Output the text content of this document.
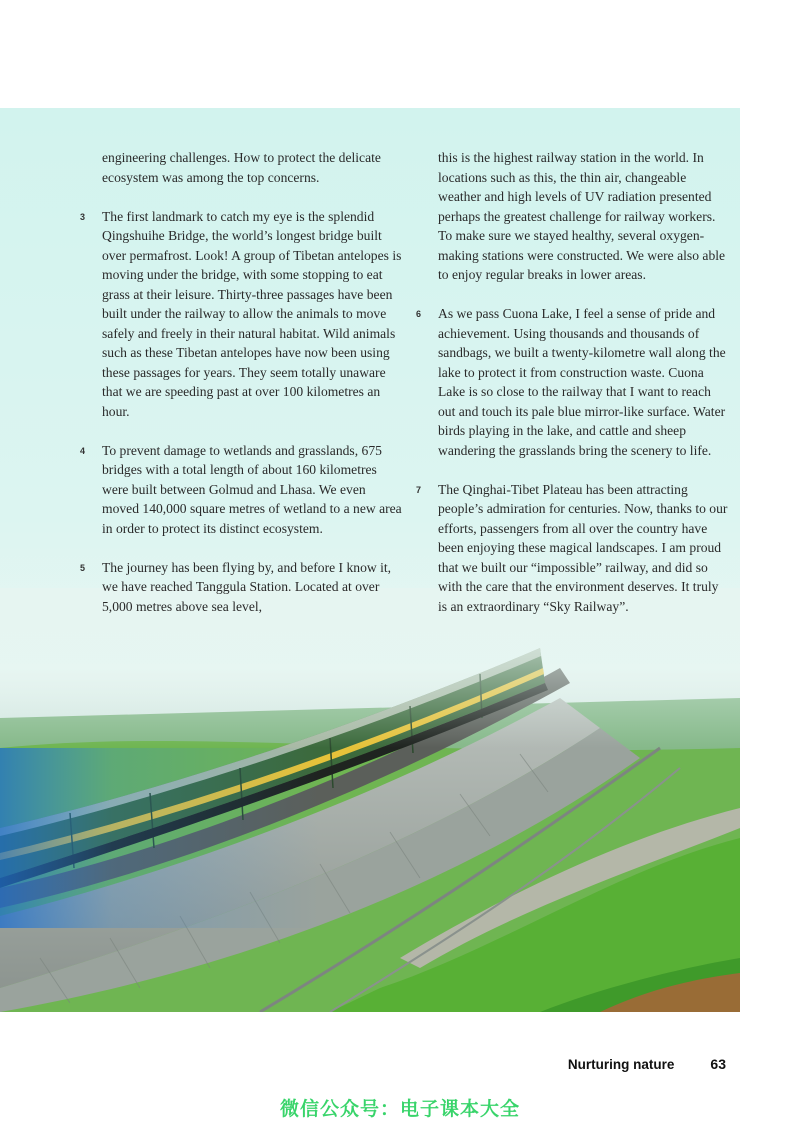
engineering challenges. How to protect the delicate ecosystem was among the top concerns.

3 The first landmark to catch my eye is the splendid Qingshuihe Bridge, the world’s longest bridge built over permafrost. Look! A group of Tibetan antelopes is moving under the bridge, with some stopping to eat grass at their leisure. Thirty-three passages have been built under the railway to allow the animals to move safely and freely in their natural habitat. Wild animals such as these Tibetan antelopes have now been using these passages for years. They seem totally unaware that we are speeding past at over 100 kilometres an hour.

4 To prevent damage to wetlands and grasslands, 675 bridges with a total length of about 160 kilometres were built between Golmud and Lhasa. We even moved 140,000 square metres of wetland to a new area in order to protect its distinct ecosystem.

5 The journey has been flying by, and before I know it, we have reached Tanggula Station. Located at over 5,000 metres above sea level,

this is the highest railway station in the world. In locations such as this, the thin air, changeable weather and high levels of UV radiation presented perhaps the greatest challenge for railway workers. To make sure we stayed healthy, several oxygen-making stations were constructed. We were also able to enjoy regular breaks in lower areas.

6 As we pass Cuona Lake, I feel a sense of pride and achievement. Using thousands and thousands of sandbags, we built a twenty-kilometre wall along the lake to protect it from construction waste. Cuona Lake is so close to the railway that I want to reach out and touch its pale blue mirror-like surface. Water birds playing in the lake, and cattle and sheep wandering the grasslands bring the scenery to life.

7 The Qinghai-Tibet Plateau has been attracting people’s admiration for centuries. Now, thanks to our efforts, passengers from all over the country have been enjoying these magical landscapes. I am proud that we built our “impossible” railway, and did so with the care that the environment deserves. It truly is an extraordinary “Sky Railway”.

Nurturing nature	63
微信公众号：电子课本大全
